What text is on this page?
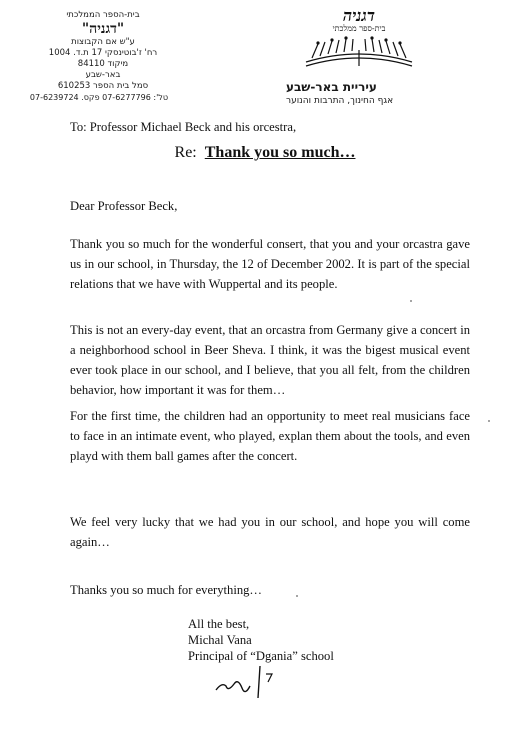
בית-הספר הממלכתי
"דגניה"
ע"ש אם הקבוצות
רח' ז'בוטינסקי 17 ת.ד. 1004
מיקוד 84110
באר-שבע
סמל בית הספר 610253
טל': 07-6277796 פקס. 07-6239724
דגניה
בית-ספר ממלכתי
עיריית באר-שבע
אגף החינוך, התרבות והנוער
To: Professor Michael Beck and his orcestra,
Re: Thank you so much…
Dear Professor Beck,
Thank you so much for the wonderful consert, that you and your orcastra gave us in our school, in Thursday, the 12 of December 2002. It is part of the special relations that we have with Wuppertal and its people.
This is not an every-day event, that an orcastra from Germany give a concert in a neighborhood school in Beer Sheva. I think, it was the bigest musical event ever took place in our school, and I believe, that you all felt, from the children behavior, how important it was for them…
For the first time, the children had an opportunity to meet real musicians face to face in an intimate event, who played, explan them about the tools, and even playd with them ball games after the concert.
We feel very lucky that we had you in our school, and hope you will come again…
Thanks you so much for everything…
All the best,
Michal Vana
Principal of “Dgania” school
